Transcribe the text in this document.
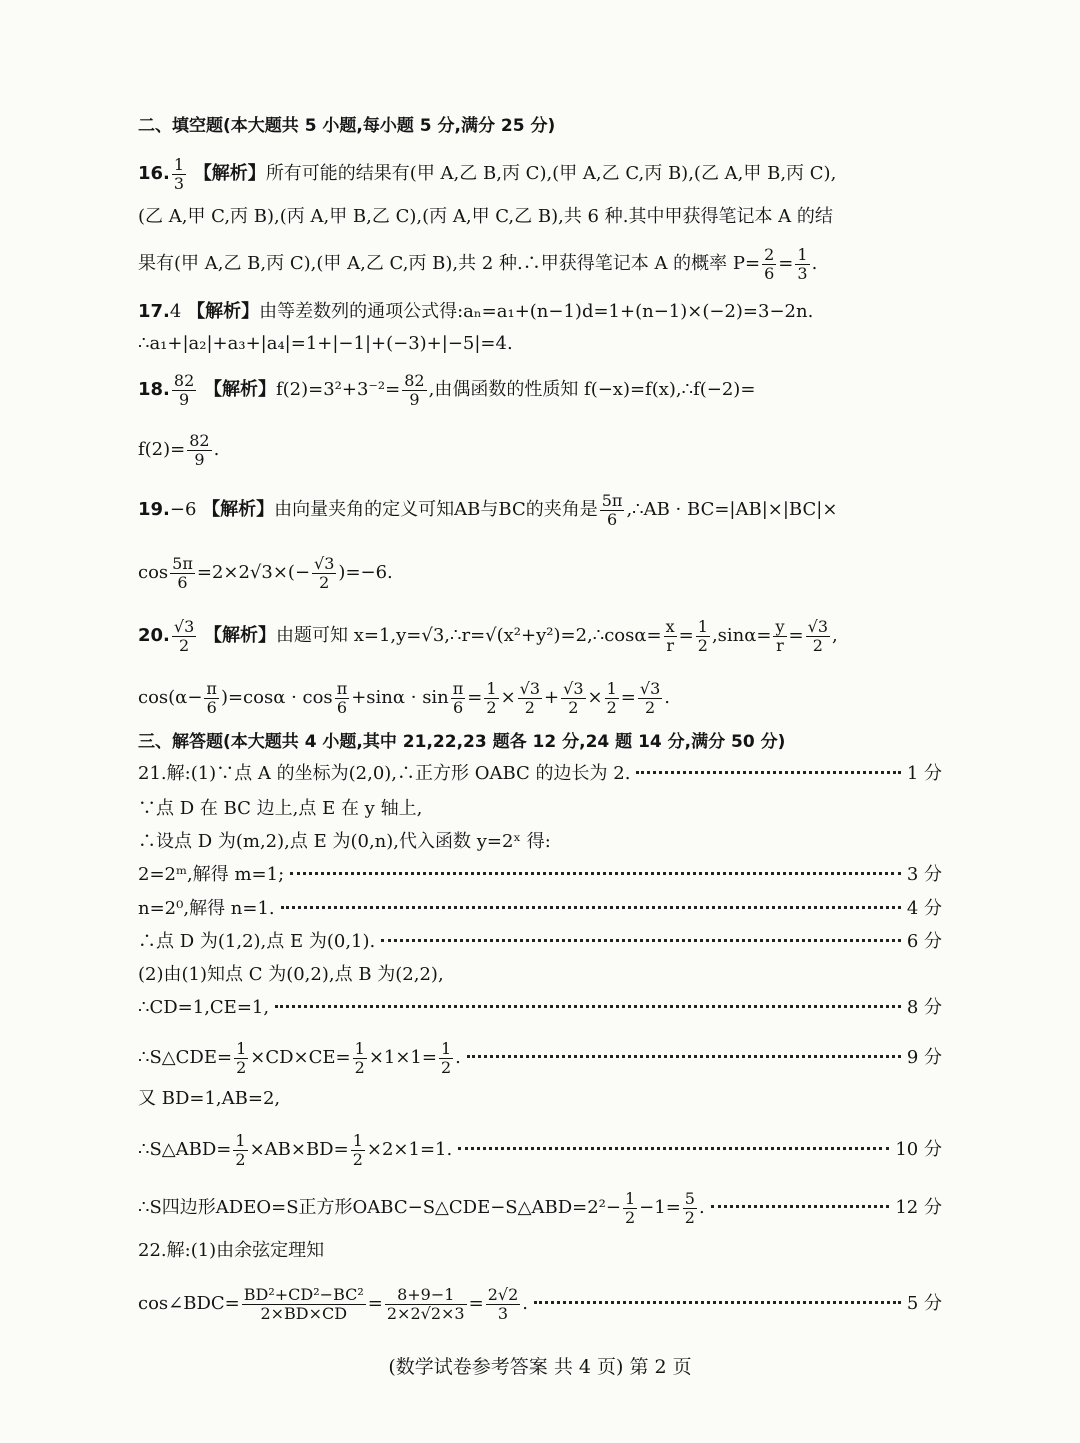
二、填空题(本大题共 5 小题,每小题 5 分,满分 25 分)
16. $\frac{1}{3}$ 【解析】所有可能的结果有(甲 A,乙 B,丙 C),(甲 A,乙 C,丙 B),(乙 A,甲 B,丙 C),
(乙 A,甲 C,丙 B),(丙 A,甲 B,乙 C),(丙 A,甲 C,乙 B),共 6 种.其中甲获得笔记本 A 的结
果有(甲 A,乙 B,丙 C),(甲 A,乙 C,丙 B),共 2 种.∴甲获得笔记本 A 的概率 $P= \frac{2}{6} = \frac{1}{3}$ .
17.4 【解析】由等差数列的通项公式得:aₙ=a₁+(n−1)d=1+(n−1)×(−2)=3−2n.
∴a₁+|a₂|+a₃+|a₄|=1+|−1|+(−3)+|−5|=4.
18. $\frac{82}{9}$ 【解析】$f(2)=3^2+3^{-2}= \frac{82}{9}$ ,由偶函数的性质知 f(−x)=f(x),∴f(−2)=
$f(2)= \frac{82}{9}$ .
19.−6 【解析】由向量夹角的定义可知AB与BC的夹角是 $\frac{5\pi}{6}$ ,∴AB · BC=|AB|×|BC|×
$\cos \frac{5\pi}{6} =2\times 2√3\times(- \frac{√3}{2} )=-6$.
20. $\frac{√3}{2}$ 【解析】由题可知 x=1,y=√3,∴r=√(x²+y²)=2,∴cosα= $\frac{x}{r} = \frac{1}{2} ,\sin\alpha= \frac{y}{r} = \frac{√3}{2}$ ,
$\cos(\alpha- \frac{\pi}{6} )=\cos\alpha \cdot \cos \frac{\pi}{6} +\sin\alpha \cdot \sin \frac{\pi}{6} = \frac{1}{2} \times \frac{√3}{2} + \frac{√3}{2} \times \frac{1}{2} = \frac{√3}{2}$ .
三、解答题(本大题共 4 小题,其中 21,22,23 题各 12 分,24 题 14 分,满分 50 分)
21.解:(1)∵点 A 的坐标为(2,0),∴正方形 OABC 的边长为 2.	1 分
∵点 D 在 BC 边上,点 E 在 y 轴上,
∴设点 D 为(m,2),点 E 为(0,n),代入函数 y=2ˣ 得:
2=2ᵐ,解得 m=1;	3 分
n=2⁰,解得 n=1.	4 分
∴点 D 为(1,2),点 E 为(0,1).	6 分
(2)由(1)知点 C 为(0,2),点 B 为(2,2),
∴CD=1,CE=1,	8 分
∴S△CDE= $\frac{1}{2} \times CD\times CE= \frac{1}{2} \times 1\times 1= \frac{1}{2}$ .	9 分
又 BD=1,AB=2,
∴S△ABD= $\frac{1}{2} \times AB\times BD= \frac{1}{2} \times 2\times 1=1$.	10 分
∴S四边形ADEO=S正方形OABC−S△CDE−S△ABD=2²− $\frac{1}{2} -1= \frac{5}{2}$ .	12 分
22.解:(1)由余弦定理知
cos∠BDC= $\frac{\text{BD²+CD²−BC²}}{2\times BD\times CD} = \frac{8+9-1}{2\times 2√2\times 3} = \frac{2√2}{3}$ .	5 分
(数学试卷参考答案 共 4 页) 第 2 页
